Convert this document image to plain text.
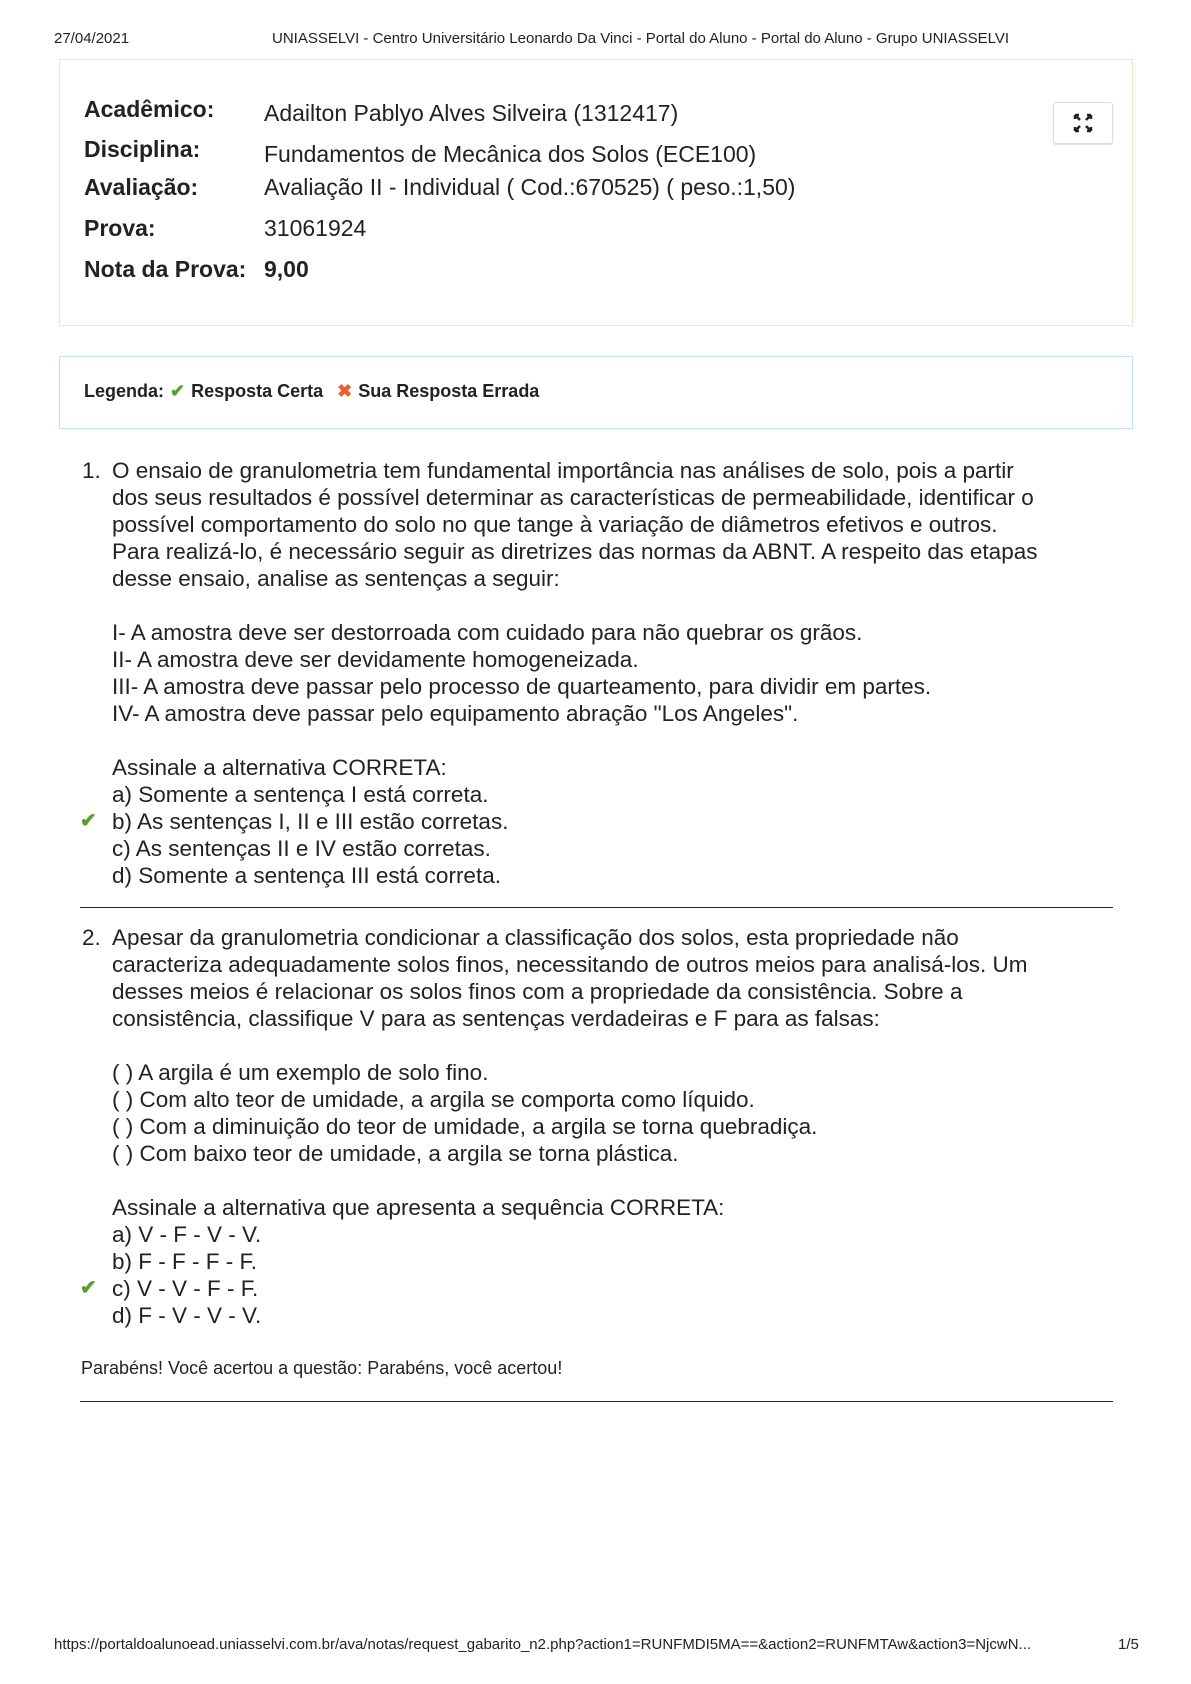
27/04/2021	UNIASSELVI - Centro Universitário Leonardo Da Vinci - Portal do Aluno - Portal do Aluno - Grupo UNIASSELVI
Acadêmico: Adailton Pablyo Alves Silveira (1312417)
Disciplina:	Fundamentos de Mecânica dos Solos (ECE100)
Avaliação:	Avaliação II - Individual ( Cod.:670525) ( peso.:1,50)
Prova:	31061924
Nota da Prova: 9,00
Legenda: ✔ Resposta Certa ✖ Sua Resposta Errada
1. O ensaio de granulometria tem fundamental importância nas análises de solo, pois a partir

dos seus resultados é possível determinar as características de permeabilidade, identificar o

possível comportamento do solo no que tange à variação de diâmetros efetivos e outros.

Para realizá-lo, é necessário seguir as diretrizes das normas da ABNT. A respeito das etapas

desse ensaio, analise as sentenças a seguir:

I- A amostra deve ser destorroada com cuidado para não quebrar os grãos.

II- A amostra deve ser devidamente homogeneizada.

III- A amostra deve passar pelo processo de quarteamento, para dividir em partes.

IV- A amostra deve passar pelo equipamento abração "Los Angeles".

Assinale a alternativa CORRETA:

a) Somente a sentença I está correta.

✔ b) As sentenças I, II e III estão corretas.

c) As sentenças II e IV estão corretas.

d) Somente a sentença III está correta.

2. Apesar da granulometria condicionar a classificação dos solos, esta propriedade não

caracteriza adequadamente solos finos, necessitando de outros meios para analisá-los. Um

desses meios é relacionar os solos finos com a propriedade da consistência. Sobre a

consistência, classifique V para as sentenças verdadeiras e F para as falsas:

( ) A argila é um exemplo de solo fino.

( ) Com alto teor de umidade, a argila se comporta como líquido.

( ) Com a diminuição do teor de umidade, a argila se torna quebradiça.

( ) Com baixo teor de umidade, a argila se torna plástica.

Assinale a alternativa que apresenta a sequência CORRETA:

a) V - F - V - V.

b) F - F - F - F.

✔ c) V - V - F - F.

d) F - V - V - V.

Parabéns! Você acertou a questão: Parabéns, você acertou!
https://portaldoalunoead.uniasselvi.com.br/ava/notas/request_gabarito_n2.php?action1=RUNFMDI5MA==&action2=RUNFMTAw&action3=NjcwN...	1/5
